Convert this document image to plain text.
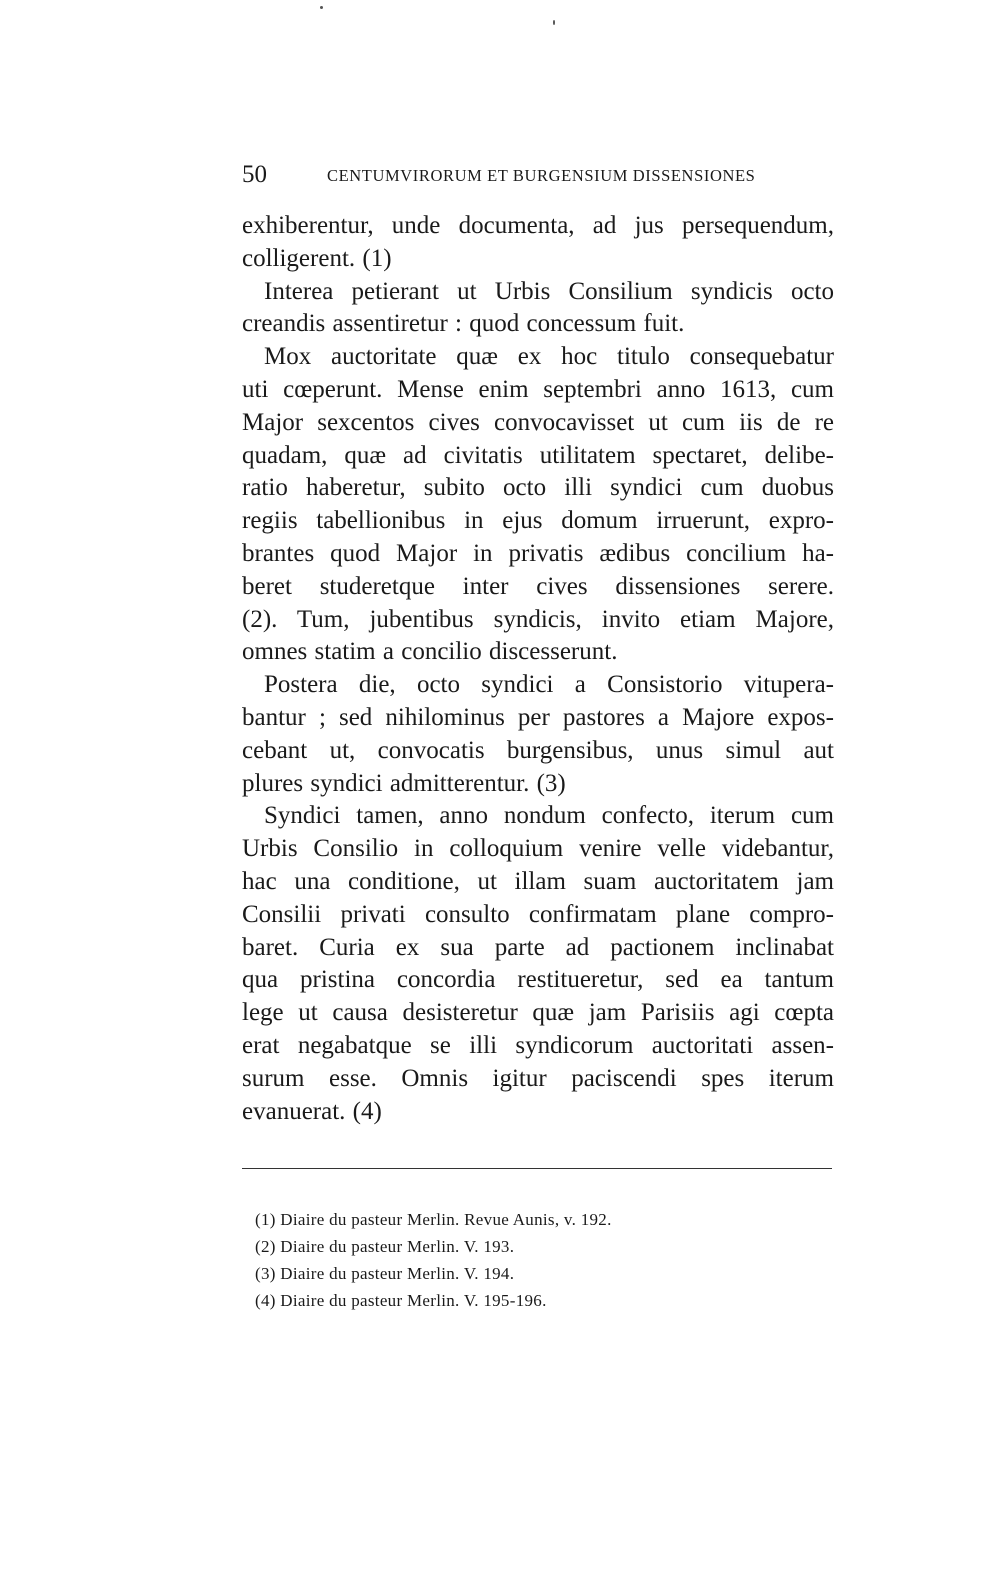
50	CENTUMVIRORUM ET BURGENSIUM DISSENSIONES
exhiberentur, unde documenta, ad jus persequendum,
colligerent. (1)
Interea petierant ut Urbis Consilium syndicis octo
creandis assentiretur : quod concessum fuit.
Mox auctoritate quæ ex hoc titulo consequebatur
uti cœperunt. Mense enim septembri anno 1613, cum
Major sexcentos cives convocavisset ut cum iis de re
quadam, quæ ad civitatis utilitatem spectaret, delibe-
ratio haberetur, subito octo illi syndici cum duobus
regiis tabellionibus in ejus domum irruerunt, expro-
brantes quod Major in privatis ædibus concilium ha-
beret studeretque inter cives dissensiones serere.
(2). Tum, jubentibus syndicis, invito etiam Majore,
omnes statim a concilio discesserunt.
Postera die, octo syndici a Consistorio vitupera-
bantur ; sed nihilominus per pastores a Majore expos-
cebant ut, convocatis burgensibus, unus simul aut
plures syndici admitterentur. (3)
Syndici tamen, anno nondum confecto, iterum cum
Urbis Consilio in colloquium venire velle videbantur,
hac una conditione, ut illam suam auctoritatem jam
Consilii privati consulto confirmatam plane compro-
baret. Curia ex sua parte ad pactionem inclinabat
qua pristina concordia restitueretur, sed ea tantum
lege ut causa desisteretur quæ jam Parisiis agi cœpta
erat negabatque se illi syndicorum auctoritati assen-
surum esse. Omnis igitur paciscendi spes iterum
evanuerat. (4)
(1) Diaire du pasteur Merlin. Revue Aunis, v. 192.
(2) Diaire du pasteur Merlin. V. 193.
(3) Diaire du pasteur Merlin. V. 194.
(4) Diaire du pasteur Merlin. V. 195-196.
